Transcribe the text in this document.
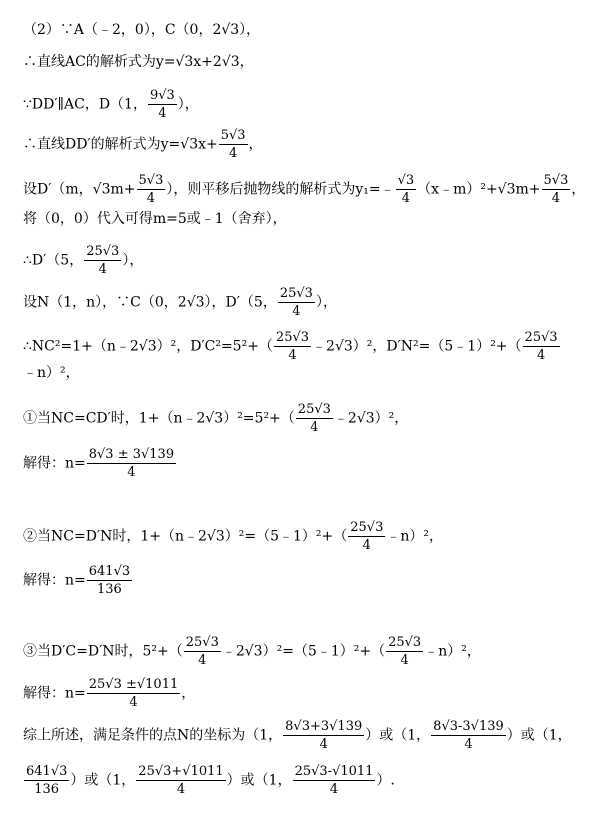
（2）∵A（﹣2，0），C（0，2√3），
∴直线AC的解析式为y=√3x+2√3，
∵DD′∥AC，D（1， $\frac{9√3}{4}$ ），
∴直线DD′的解析式为$y=√3x+ \frac{5√3}{4}$ ，
设D′（m，$√3m+ \frac{5√3}{4}$ ），则平移后抛物线的解析式为y₁=﹣ $\frac{√3}{4}$ （x﹣m）²+√3m+ $\frac{5√3}{4}$ ，
将（0，0）代入可得m=5或﹣1（舍弃），
∴D′（5， $\frac{25√3}{4}$ ），
设N（1，n），∵C（0，2√3），D′（5， $\frac{25√3}{4}$ ），
∴NC²=1+（n﹣2√3）²，$D'C^2=5^2+( \frac{25√3}{4}$ ﹣2√3）²，D′N²=（5﹣1）²+（ $\frac{25√3}{4}$
﹣n）²，
①当NC=CD′时，1+（n﹣2√3）²=5²+（ $\frac{25√3}{4}$ ﹣2√3）²，
解得：$n= \frac{8√3 \pm 3√139}{4}$
②当NC=D′N时，1+（n﹣2√3）²=（5﹣1）²+（ $\frac{25√3}{4}$ ﹣n）²，
解得：$n= \frac{641√3}{136}$
③当D′C=D′N时，$5^2+( \frac{25√3}{4}$ ﹣2√3）²=（5﹣1）²+（ $\frac{25√3}{4}$ ﹣n）²，
解得：$n= \frac{25√3 \pm√1011}{4}$ ，
综上所述，满足条件的点N的坐标为（1， $\frac{8√3+3√139}{4}$ ）或（1， $\frac{8√3-3√139}{4}$ ）或（1，
$\frac{641√3}{136}$ ）或（1， $\frac{25√3+√1011}{4}$ ）或（1， $\frac{25√3-√1011}{4}$ ）.
